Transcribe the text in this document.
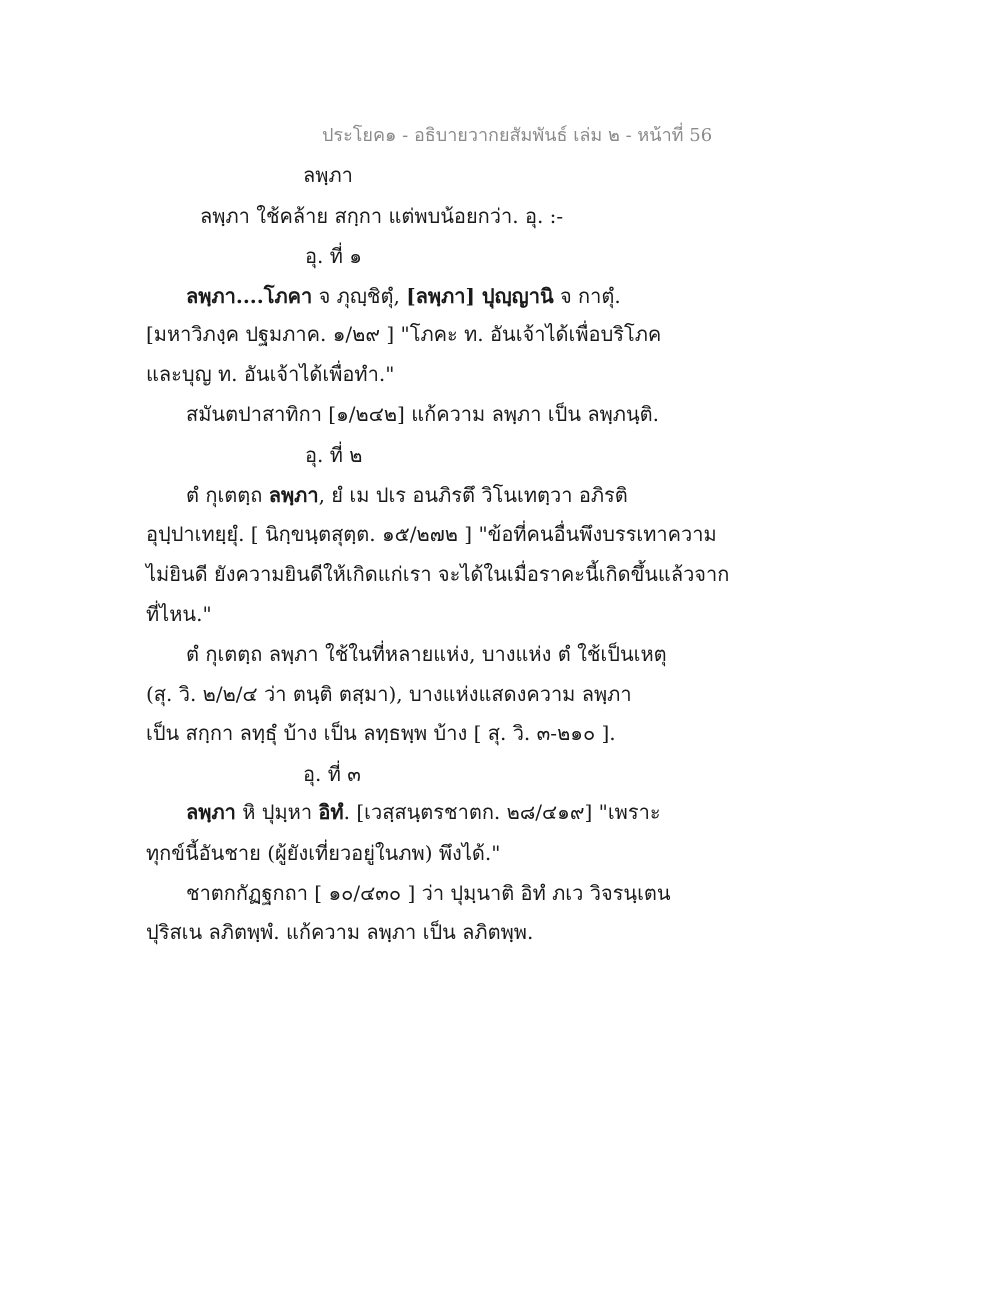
ประโยค๑ - อธิบายวากยสัมพันธ์ เล่ม ๒ - หน้าที่ 56
ลพฺภา
ลพฺภา ใช้คล้าย สกฺกา แต่พบน้อยกว่า. อุ. :-
อุ. ที่ ๑
ลพฺภา....โภคา จ ภุญฺชิตุํ, [ลพฺภา] ปุญฺญานิ จ กาตุํ.
[มหาวิภงฺค ปฐมภาค. ๑/๒๙ ] "โภคะ ท. อันเจ้าได้เพื่อบริโภค
และบุญ ท. อันเจ้าได้เพื่อทำ."
สมันตปาสาทิกา [๑/๒๔๒] แก้ความ ลพฺภา เป็น ลพฺภนฺติ.
อุ. ที่ ๒
ตํ กุเตตฺถ ลพฺภา, ยํ เม ปเร อนภิรตึ วิโนเทตฺวา อภิรติ
อุปฺปาเทยฺยุํ. [ นิกฺขนฺตสุตฺต. ๑๕/๒๗๒ ] "ข้อที่คนอื่นพึงบรรเทาความ
ไม่ยินดี ยังความยินดีให้เกิดแก่เรา จะได้ในเมื่อราคะนี้เกิดขึ้นแล้วจาก
ที่ไหน."
ตํ กุเตตฺถ ลพฺภา ใช้ในที่หลายแห่ง, บางแห่ง ตํ ใช้เป็นเหตุ
(สุ. วิ. ๒/๒/๔ ว่า ตนฺติ ตสฺมา), บางแห่งแสดงความ ลพฺภา
เป็น สกฺกา ลทฺธุํ บ้าง เป็น ลทฺธพฺพ บ้าง [ สุ. วิ. ๓-๒๑๐ ].
อุ. ที่ ๓
ลพฺภา หิ ปุมฺหา อิทํ. [เวสฺสนฺตรชาตก. ๒๘/๔๑๙] "เพราะ
ทุกข์นี้อันชาย (ผู้ยังเที่ยวอยู่ในภพ) พึงได้."
ชาตกกัฏฐกถา [ ๑๐/๔๓๐ ] ว่า ปุมฺนาติ อิทํ ภเว วิจรนฺเตน
ปุริสเน ลภิตพฺพํ. แก้ความ ลพฺภา เป็น ลภิตพฺพ.
